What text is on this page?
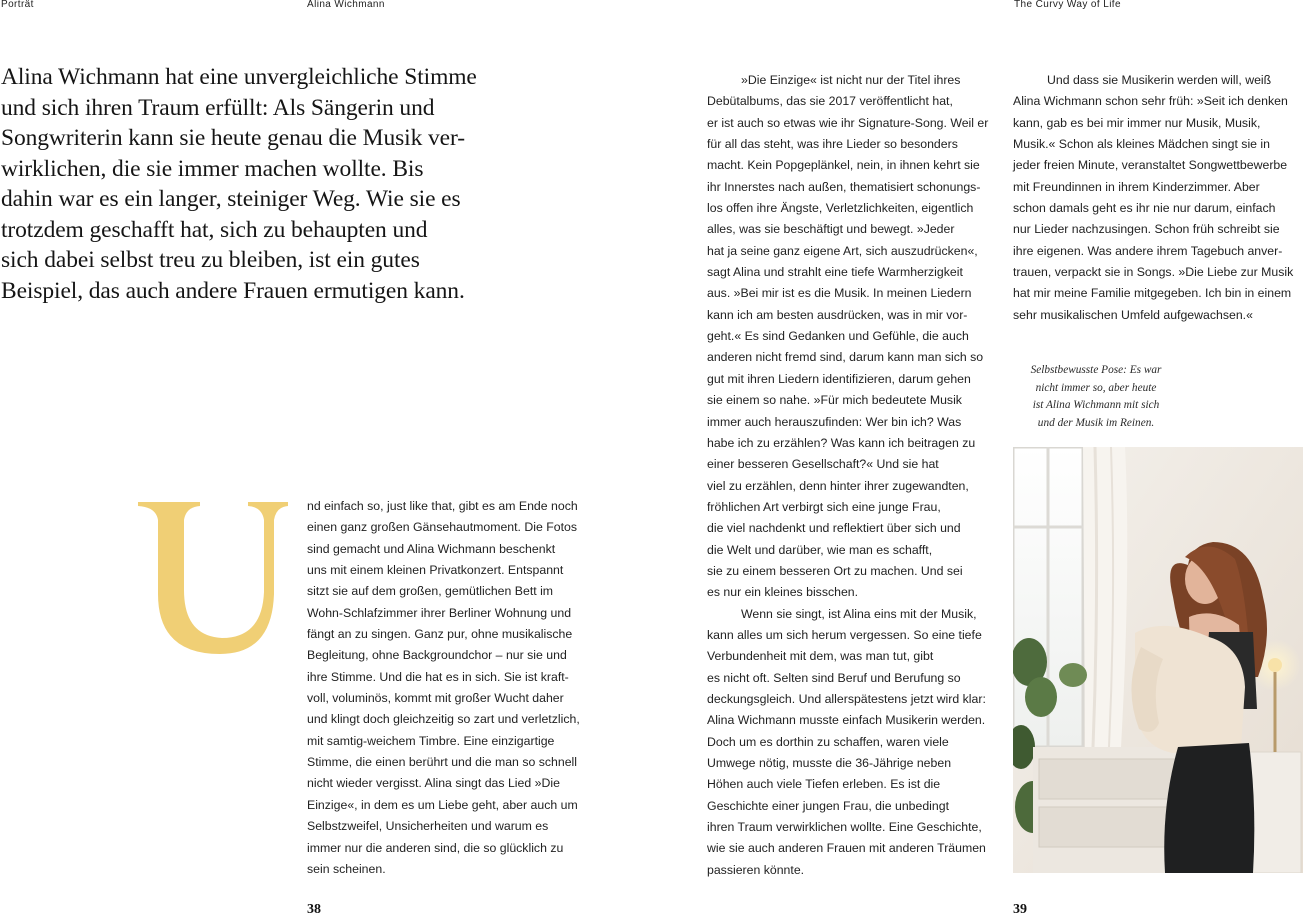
Porträt	Alina Wichmann	The Curvy Way of Life
Alina Wichmann hat eine unvergleichliche Stimme
und sich ihren Traum erfüllt: Als Sängerin und
Songwriterin kann sie heute genau die Musik ver-
wirklichen, die sie immer machen wollte. Bis
dahin war es ein langer, steiniger Weg. Wie sie es
trotzdem geschafft hat, sich zu behaupten und
sich dabei selbst treu zu bleiben, ist ein gutes
Beispiel, das auch andere Frauen ermutigen kann.
nd einfach so, just like that, gibt es am Ende noch
einen ganz großen Gänsehautmoment. Die Fotos
sind gemacht und Alina Wichmann beschenkt
uns mit einem kleinen Privatkonzert. Entspannt
sitzt sie auf dem großen, gemütlichen Bett im
Wohn-Schlafzimmer ihrer Berliner Wohnung und
fängt an zu singen. Ganz pur, ohne musikalische
Begleitung, ohne Backgroundchor – nur sie und
ihre Stimme. Und die hat es in sich. Sie ist kraft-
voll, voluminös, kommt mit großer Wucht daher
und klingt doch gleichzeitig so zart und verletzlich,
mit samtig-weichem Timbre. Eine einzigartige
Stimme, die einen berührt und die man so schnell
nicht wieder vergisst. Alina singt das Lied »Die
Einzige«, in dem es um Liebe geht, aber auch um
Selbstzweifel, Unsicherheiten und warum es
immer nur die anderen sind, die so glücklich zu
sein scheinen.
»Die Einzige« ist nicht nur der Titel ihres
Debütalbums, das sie 2017 veröffentlicht hat,
er ist auch so etwas wie ihr Signature-Song. Weil er
für all das steht, was ihre Lieder so besonders
macht. Kein Popgeplänkel, nein, in ihnen kehrt sie
ihr Innerstes nach außen, thematisiert schonungs-
los offen ihre Ängste, Verletzlichkeiten, eigentlich
alles, was sie beschäftigt und bewegt. »Jeder
hat ja seine ganz eigene Art, sich auszudrücken«,
sagt Alina und strahlt eine tiefe Warmherzigkeit
aus. »Bei mir ist es die Musik. In meinen Liedern
kann ich am besten ausdrücken, was in mir vor-
geht.« Es sind Gedanken und Gefühle, die auch
anderen nicht fremd sind, darum kann man sich so
gut mit ihren Liedern identifizieren, darum gehen
sie einem so nahe. »Für mich bedeutete Musik
immer auch herauszufinden: Wer bin ich? Was
habe ich zu erzählen? Was kann ich beitragen zu
einer besseren Gesellschaft?« Und sie hat
viel zu erzählen, denn hinter ihrer zugewandten,
fröhlichen Art verbirgt sich eine junge Frau,
die viel nachdenkt und reflektiert über sich und
die Welt und darüber, wie man es schafft,
sie zu einem besseren Ort zu machen. Und sei
es nur ein kleines bisschen.
Wenn sie singt, ist Alina eins mit der Musik,
kann alles um sich herum vergessen. So eine tiefe
Verbundenheit mit dem, was man tut, gibt
es nicht oft. Selten sind Beruf und Berufung so
deckungsgleich. Und allerspätestens jetzt wird klar:
Alina Wichmann musste einfach Musikerin werden.
Doch um es dorthin zu schaffen, waren viele
Umwege nötig, musste die 36-Jährige neben
Höhen auch viele Tiefen erleben. Es ist die
Geschichte einer jungen Frau, die unbedingt
ihren Traum verwirklichen wollte. Eine Geschichte,
wie sie auch anderen Frauen mit anderen Träumen
passieren könnte.
Und dass sie Musikerin werden will, weiß
Alina Wichmann schon sehr früh: »Seit ich denken
kann, gab es bei mir immer nur Musik, Musik,
Musik.« Schon als kleines Mädchen singt sie in
jeder freien Minute, veranstaltet Songwettbewerbe
mit Freundinnen in ihrem Kinderzimmer. Aber
schon damals geht es ihr nie nur darum, einfach
nur Lieder nachzusingen. Schon früh schreibt sie
ihre eigenen. Was andere ihrem Tagebuch anver-
trauen, verpackt sie in Songs. »Die Liebe zur Musik
hat mir meine Familie mitgegeben. Ich bin in einem
sehr musikalischen Umfeld aufgewachsen.«
Selbstbewusste Pose: Es war
nicht immer so, aber heute
ist Alina Wichmann mit sich
und der Musik im Reinen.
38	39
